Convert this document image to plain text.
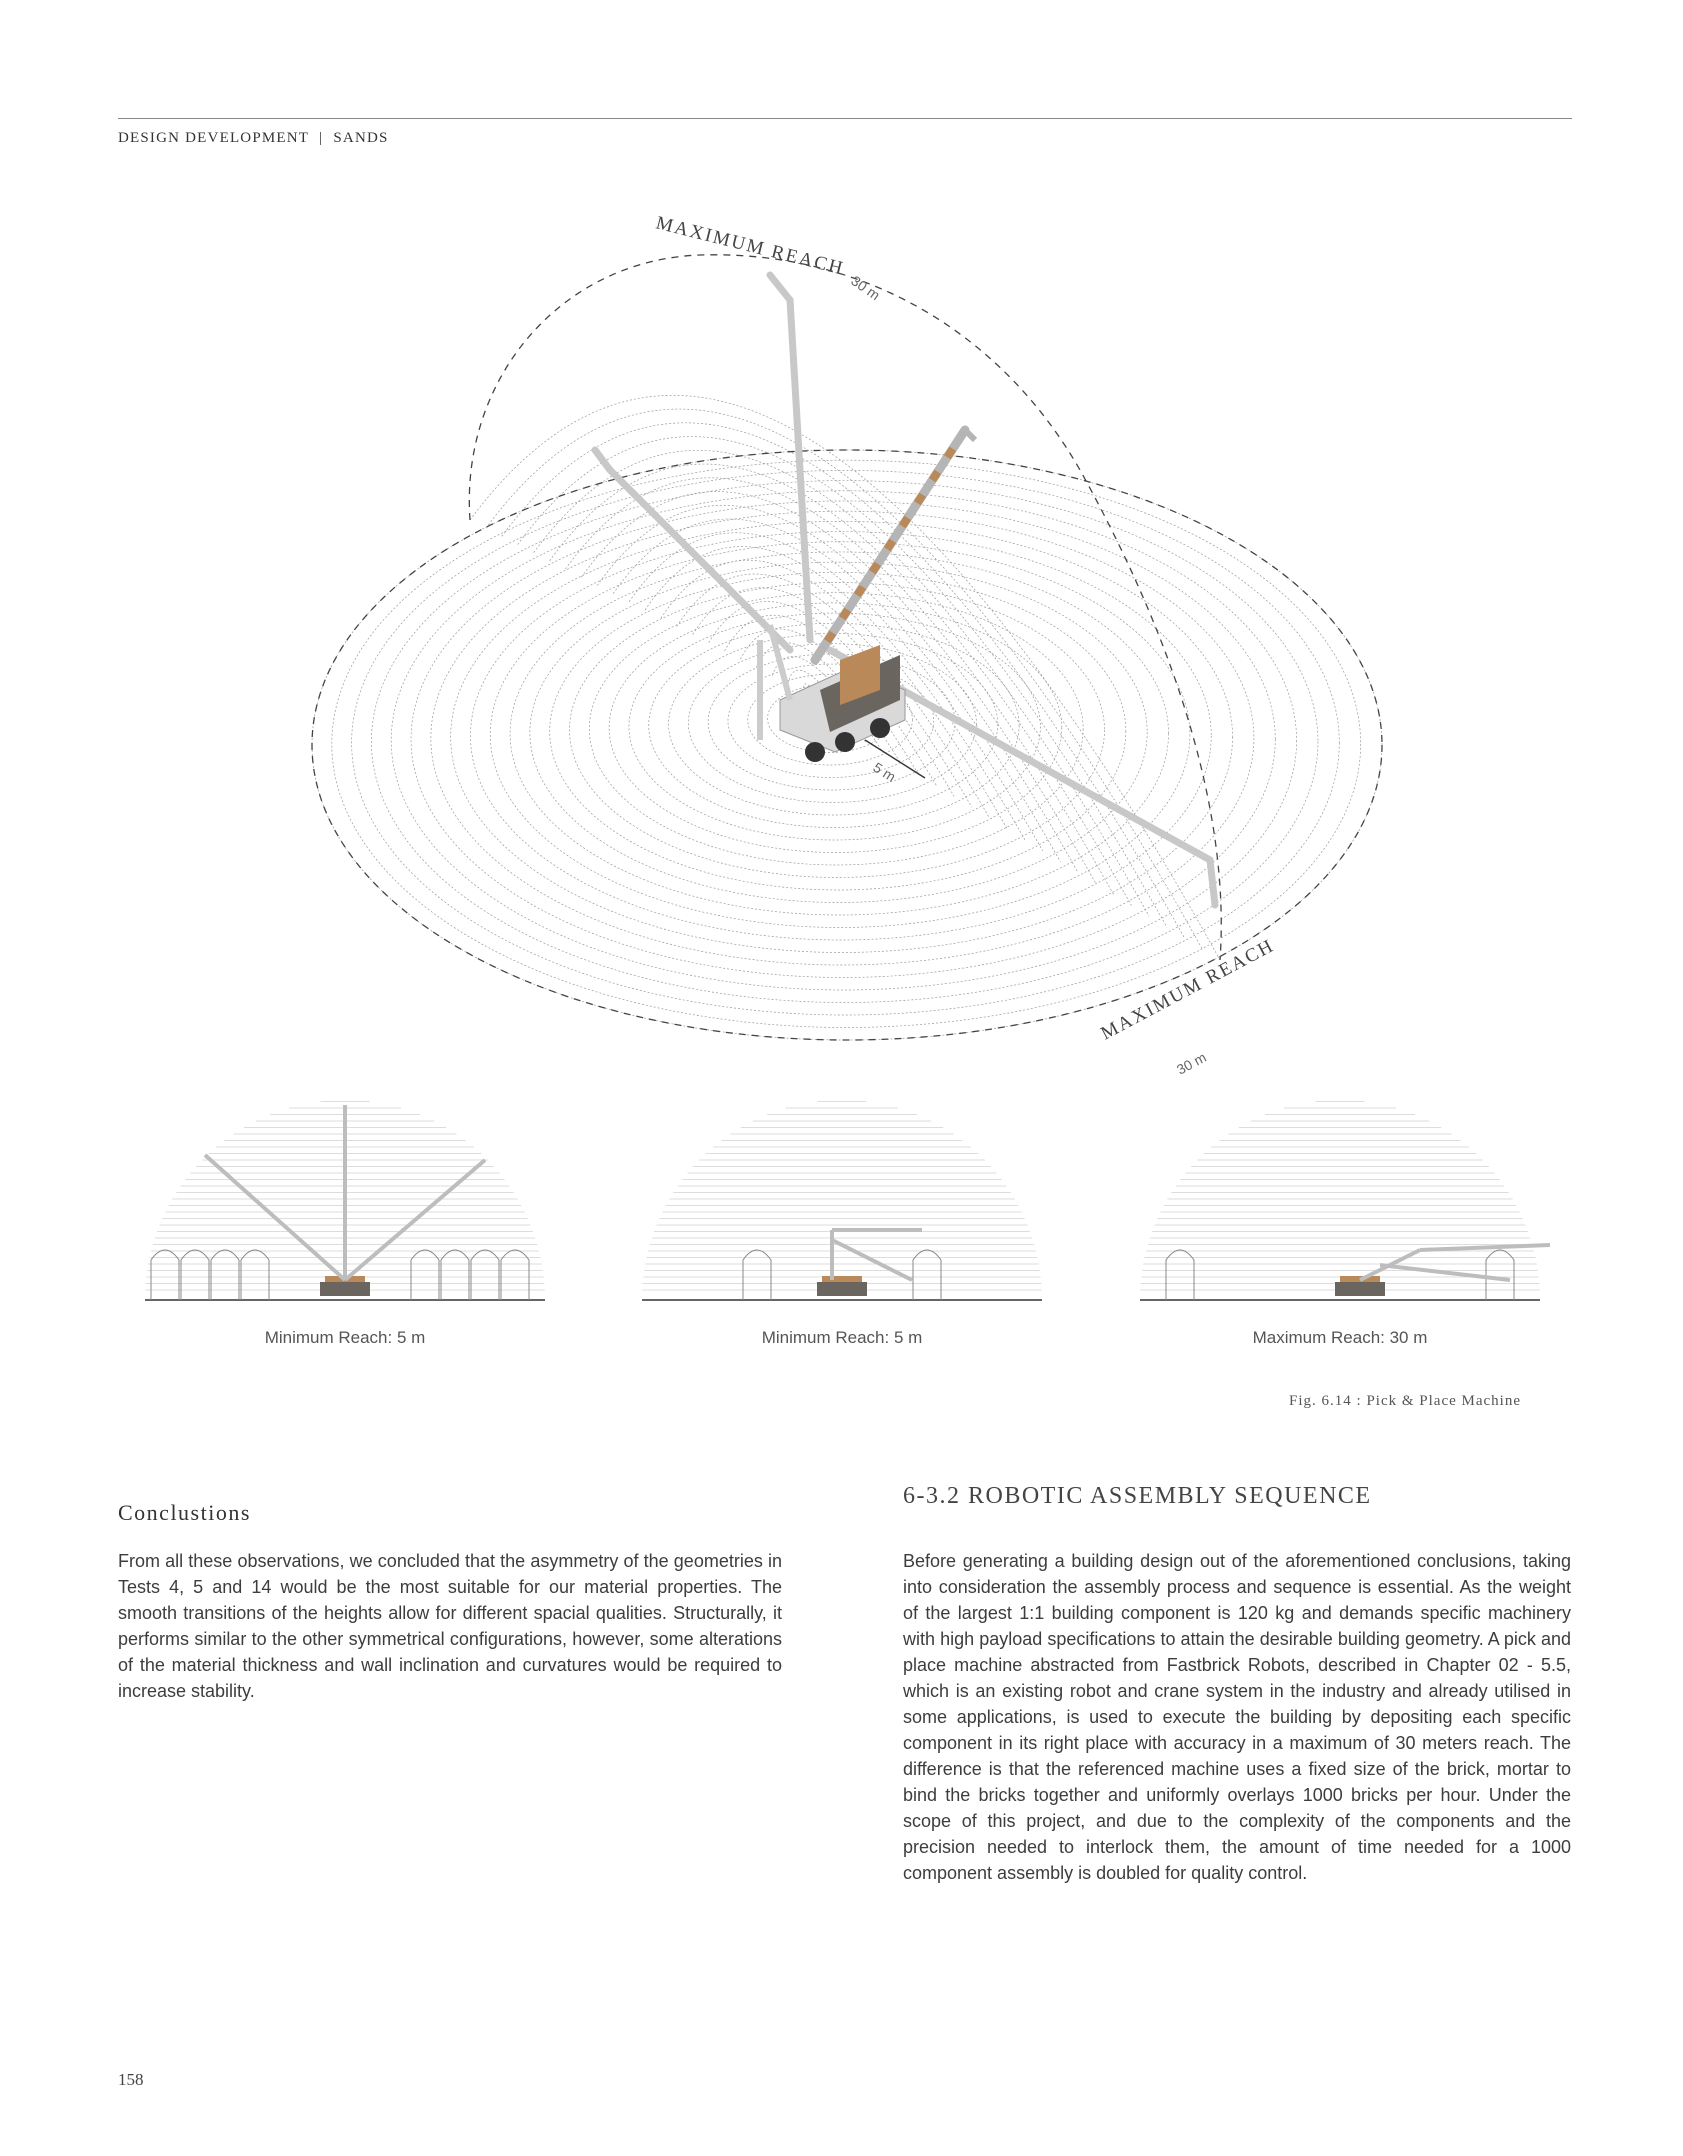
DESIGN DEVELOPMENT | SANDS
5 m
MAXIMUM REACH
30 m
MAXIMUM REACH
30 m
Minimum Reach: 5 m	Minimum Reach: 5 m	Maximum Reach: 30 m
Fig. 6.14 : Pick & Place Machine
Conclustions
From all these observations, we concluded that the asymmetry of the geometries in Tests 4, 5 and 14 would be the most suitable for our material properties. The smooth transitions of the heights allow for different spacial qualities. Structurally, it performs similar to the other symmetrical configurations, however, some alterations of the material thickness and wall inclination and curvatures would be required to increase stability.
6-3.2 ROBOTIC ASSEMBLY SEQUENCE
Before generating a building design out of the aforementioned conclusions, taking into consideration the assembly process and sequence is essential. As the weight of the largest 1:1 building component is 120 kg and demands specific machinery with high payload specifications to attain the desirable building geometry. A pick and place machine abstracted from Fastbrick Robots, described in Chapter 02 - 5.5, which is an existing robot and crane system in the industry and already utilised in some applications, is used to execute the building by depositing each specific component in its right place with accuracy in a maximum of 30 meters reach. The difference is that the referenced machine uses a fixed size of the brick, mortar to bind the bricks together and uniformly overlays 1000 bricks per hour. Under the scope of this project, and due to the complexity of the components and the precision needed to interlock them, the amount of time needed for a 1000 component assembly is doubled for quality control.
158
